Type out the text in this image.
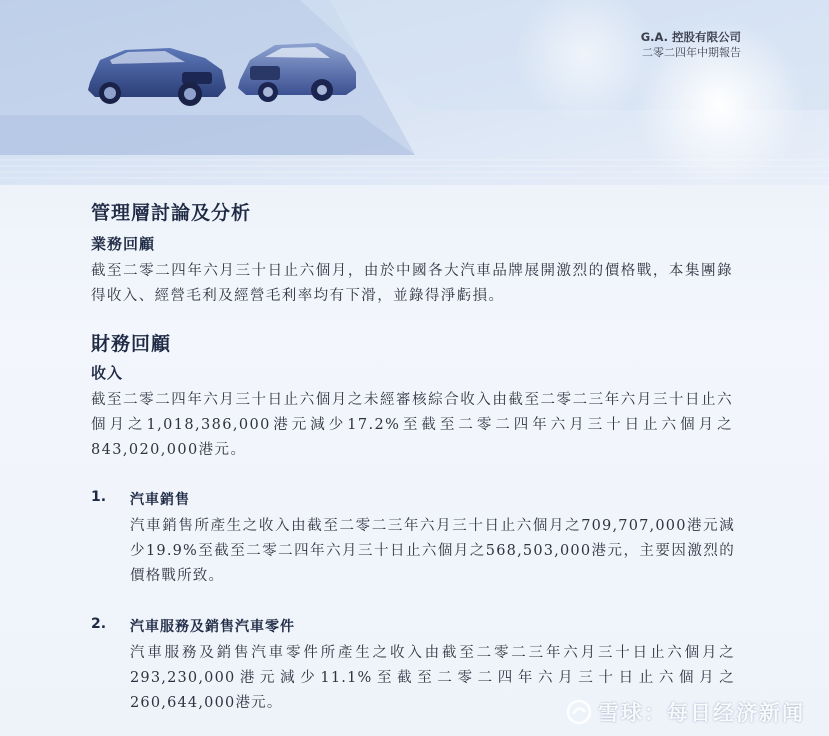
G.A. 控股有限公司
二零二四年中期報告
管理層討論及分析
業務回顧
截至二零二四年六月三十日止六個月，由於中國各大汽車品牌展開激烈的價格戰，本集團錄得收入、經營毛利及經營毛利率均有下滑，並錄得淨虧損。
財務回顧
收入
截至二零二四年六月三十日止六個月之未經審核綜合收入由截至二零二三年六月三十日止六個月之1,018,386,000港元減少17.2%至截至二零二四年六月三十日止六個月之843,020,000港元。
1. 汽車銷售
汽車銷售所產生之收入由截至二零二三年六月三十日止六個月之709,707,000港元減少19.9%至截至二零二四年六月三十日止六個月之568,503,000港元，主要因激烈的價格戰所致。
2. 汽車服務及銷售汽車零件
汽車服務及銷售汽車零件所產生之收入由截至二零二三年六月三十日止六個月之293,230,000港元減少11.1%至截至二零二四年六月三十日止六個月之260,644,000港元。	雪球：每日经济新闻
